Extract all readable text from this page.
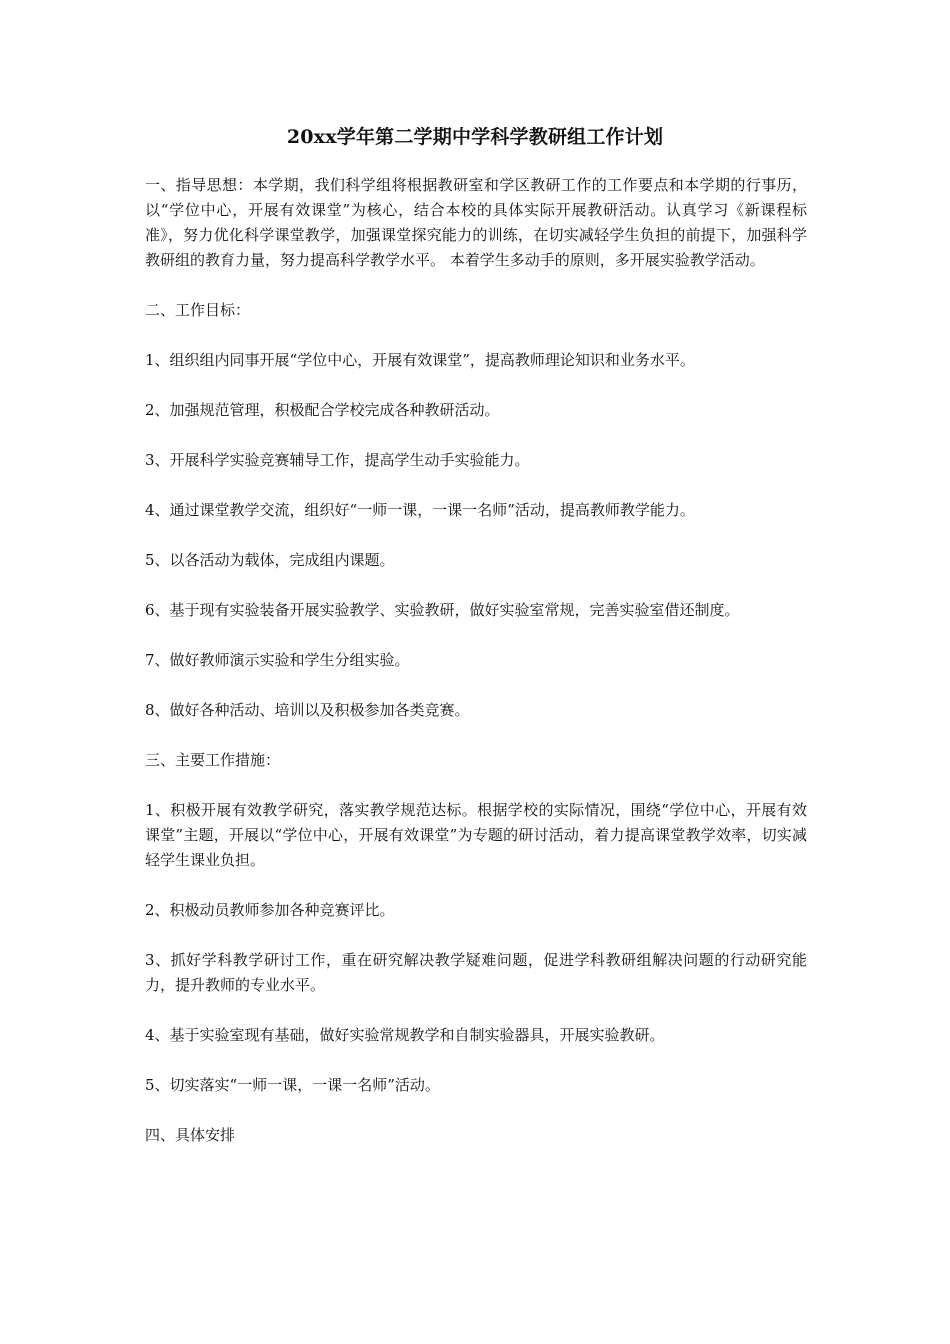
20xx学年第二学期中学科学教研组工作计划

一、指导思想：本学期，我们科学组将根据教研室和学区教研工作的工作要点和本学期的行事历，以“学位中心，开展有效课堂”为核心，结合本校的具体实际开展教研活动。认真学习《新课程标准》，努力优化科学课堂教学，加强课堂探究能力的训练，在切实减轻学生负担的前提下，加强科学教研组的教育力量，努力提高科学教学水平。 本着学生多动手的原则，多开展实验教学活动。

二、工作目标：

1、组织组内同事开展“学位中心，开展有效课堂”，提高教师理论知识和业务水平。

2、加强规范管理，积极配合学校完成各种教研活动。

3、开展科学实验竞赛辅导工作，提高学生动手实验能力。

4、通过课堂教学交流，组织好“一师一课，一课一名师”活动，提高教师教学能力。

5、以各活动为载体，完成组内课题。

6、基于现有实验装备开展实验教学、实验教研，做好实验室常规，完善实验室借还制度。

7、做好教师演示实验和学生分组实验。

8、做好各种活动、培训以及积极参加各类竞赛。

三、主要工作措施：

1、积极开展有效教学研究，落实教学规范达标。根据学校的实际情况，围绕“学位中心，开展有效课堂”主题，开展以“学位中心，开展有效课堂”为专题的研讨活动，着力提高课堂教学效率，切实减轻学生课业负担。

2、积极动员教师参加各种竞赛评比。

3、抓好学科教学研讨工作，重在研究解决教学疑难问题，促进学科教研组解决问题的行动研究能力，提升教师的专业水平。

4、基于实验室现有基础，做好实验常规教学和自制实验器具，开展实验教研。

5、切实落实“一师一课，一课一名师”活动。

四、具体安排
